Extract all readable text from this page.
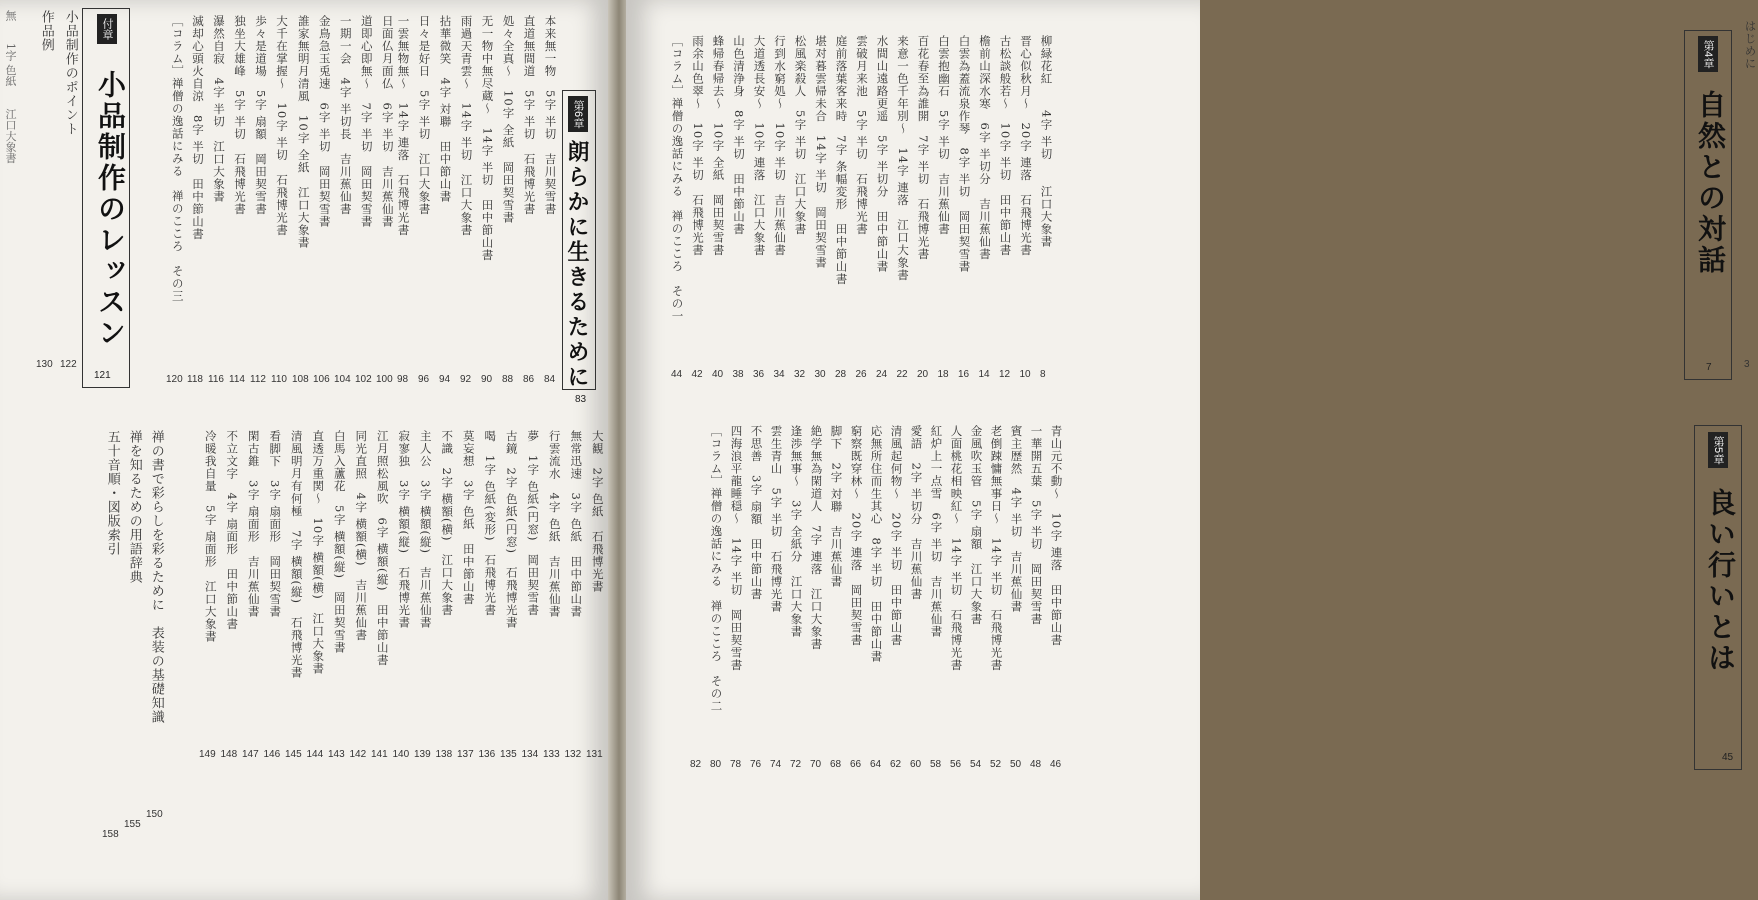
本来無一物　5字 半切　吉川契雪書
84
直道無間道　5字 半切　石飛博光書
86
処々全真～　10字 全紙　岡田契雪書
88
无一物中無尽蔵～　14字 半切　田中節山書
90
雨過天青雲～　14字 半切　江口大象書
92
拈華微笑　4字 対聯　田中節山書
94
日々是好日　5字 半切　江口大象書
96
一雲無物無～　14字 連落　石飛博光書
98
日面仏月面仏　6字 半切　吉川蕉仙書
100
道即心即無～　7字 半切　岡田契雪書
102
一期一会　4字 半切長　吉川蕉仙書
104
金鳥急玉兎速　6字 半切　岡田契雪書
106
誰家無明月清風　10字 全紙　江口大象書
108
大千在掌握～　10字 半切　石飛博光書
110
歩々是道場　5字 扇額　岡田契雪書
112
独坐大雄峰　5字 半切　石飛博光書
114
瀑然自寂　4字 半切　江口大象書
116
滅却心頭火自涼　8字 半切　田中節山書
118
［コラム］禅僧の逸話にみる　禅のこころ　その三
120
大観　2字 色紙　石飛博光書
131
無常迅速　3字 色紙　田中節山書
132
行雲流水　4字 色紙　吉川蕉仙書
133
夢　1字 色紙(円窓)　岡田契雪書
134
古鏡　2字 色紙(円窓)　石飛博光書
135
喝　1字 色紙(変形)　石飛博光書
136
莫妄想　3字 色紙　田中節山書
137
不識　2字 横額(横)　江口大象書
138
主人公　3字 横額(縦)　吉川蕉仙書
139
寂寥独　3字 横額(縦)　石飛博光書
140
江月照松風吹　6字 横額(縦)　田中節山書
141
同光直照　4字 横額(横)　吉川蕉仙書
142
白馬入蘆花　5字 横額(縦)　岡田契雪書
143
直透万重関～　10字 横額(横)　江口大象書
144
清風明月有何極　7字 横額(縦)　石飛博光書
145
看脚下　3字 扇面形　岡田契雪書
146
閑古錐　3字 扇面形　吉川蕉仙書
147
不立文字　4字 扇面形　田中節山書
148
冷暖我自量　5字 扇面形　江口大象書
149
第6章
朗らかに生きるために
83
付章
小品制作のレッスン
121
小品制作のポイント
122
作品例
130
禅の書で彩らしを彩るために　表装の基礎知識
150
禅を知るための用語辞典
155
五十音順・図版索引
158
無　　1字 色紙　　江口大象書	はじめに
3
第4章
自然との対話
7
第5章
良い行いとは
45
柳緑花紅　　4字 半切　　江口大象書
8
晋心似秋月～　20字 連落　石飛博光書
10
古松談般若～　10字 半切　田中節山書
12
檐前山深水寒　6字 半切分　吉川蕉仙書
14
白雲為蓋流泉作琴　8字 半切　岡田契雪書
16
白雲抱幽石　5字 半切　吉川蕉仙書
18
百花春至為誰開　7字 半切　石飛博光書
20
来意一色千年別～　14字 連落　江口大象書
22
水間山遠路更遥　5字 半切分　田中節山書
24
雲破月来池　5字 半切　石飛博光書
26
庭前落葉客来時　7字 条幅変形　田中節山書
28
堪对暮雲帰未合　14字 半切　岡田契雪書
30
松風楽殺人　5字 半切　江口大象書
32
行到水窮処～　10字 半切　吉川蕉仙書
34
大道透長安～　10字 連落　江口大象書
36
山色清浄身　8字 半切　田中節山書
38
蜂帰春帰去～　10字 全紙　岡田契雪書
40
雨余山色翠～　10字 半切　石飛博光書
42
［コラム］禅僧の逸話にみる　禅のこころ　その一
44
青山元不動～　10字 連落　田中節山書
46
一華開五葉　5字 半切　岡田契雪書
48
賓主歴然　4字 半切　吉川蕉仙書
50
老倒踈慵無事日～　14字 半切　石飛博光書
52
金風吹玉管　5字 扇額　江口大象書
54
人面桃花相映紅～　14字 半切　石飛博光書
56
紅炉上一点雪　6字 半切　吉川蕉仙書
58
愛語　2字 半切分　吉川蕉仙書
60
清風起何物～　20字 半切　田中節山書
62
応無所住而生其心　8字 半切　田中節山書
64
窮察既穿林～　20字 連落　岡田契雪書
66
脚下　2字 対聯　吉川蕉仙書
68
絶学無為閑道人　7字 連落　江口大象書
70
逢渉無事～　3字 全紙分　江口大象書
72
雲生青山　5字 半切　石飛博光書
74
不思善　3字 扇額　田中節山書
76
四海浪平龍睡穏～　14字 半切　岡田契雪書
78
［コラム］禅僧の逸話にみる　禅のこころ　その二
80
82
